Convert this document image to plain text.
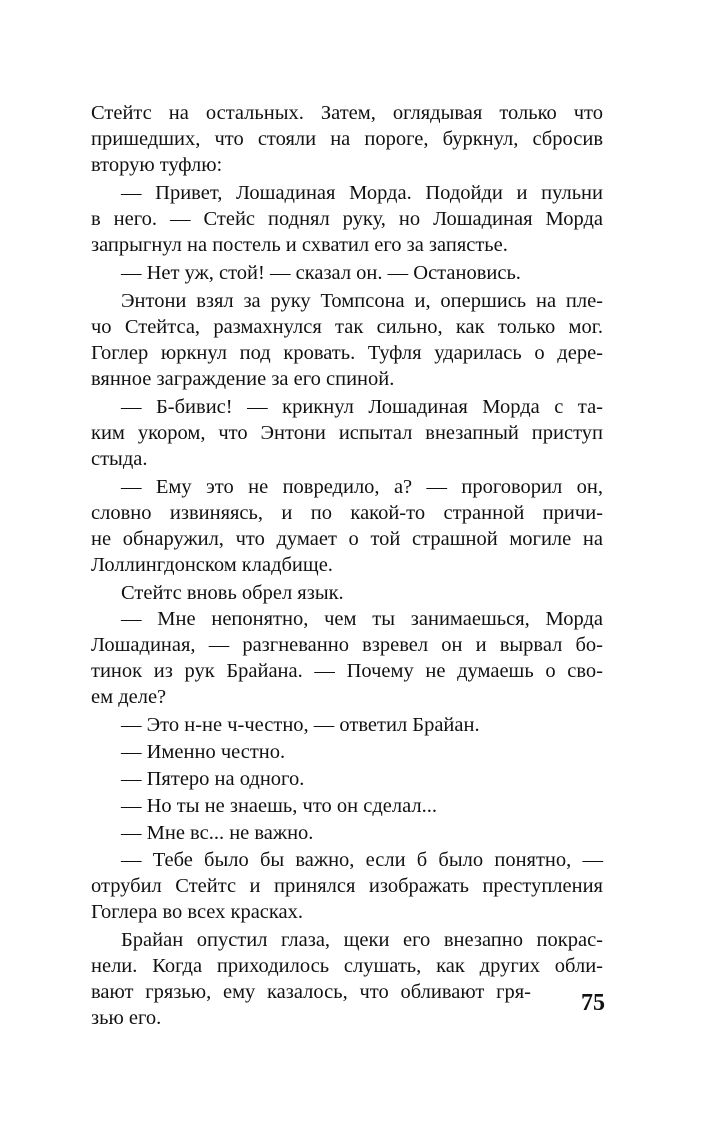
Стейтс на остальных. Затем, оглядывая только что
пришедших, что стояли на пороге, буркнул, сбросив
вторую туфлю:
— Привет, Лошадиная Морда. Подойди и пульни
в него. — Стейс поднял руку, но Лошадиная Морда
запрыгнул на постель и схватил его за запястье.
— Нет уж, стой! — сказал он. — Остановись.
Энтони взял за руку Томпсона и, опершись на пле-
чо Стейтса, размахнулся так сильно, как только мог.
Гоглер юркнул под кровать. Туфля ударилась о дере-
вянное заграждение за его спиной.
— Б-бивис! — крикнул Лошадиная Морда с та-
ким укором, что Энтони испытал внезапный приступ
стыда.
— Ему это не повредило, а? — проговорил он,
словно извиняясь, и по какой-то странной причи-
не обнаружил, что думает о той страшной могиле на
Лоллингдонском кладбище.
Стейтс вновь обрел язык.
— Мне непонятно, чем ты занимаешься, Морда
Лошадиная, — разгневанно взревел он и вырвал бо-
тинок из рук Брайана. — Почему не думаешь о сво-
ем деле?
— Это н-не ч-честно, — ответил Брайан.
— Именно честно.
— Пятеро на одного.
— Но ты не знаешь, что он сделал...
— Мне вс... не важно.
— Тебе было бы важно, если б было понятно, —
отрубил Стейтс и принялся изображать преступления
Гоглера во всех красках.
Брайан опустил глаза, щеки его внезапно покрас-
нели. Когда приходилось слушать, как других обли-
вают грязью, ему казалось, что обливают гря-
зью его.
75
